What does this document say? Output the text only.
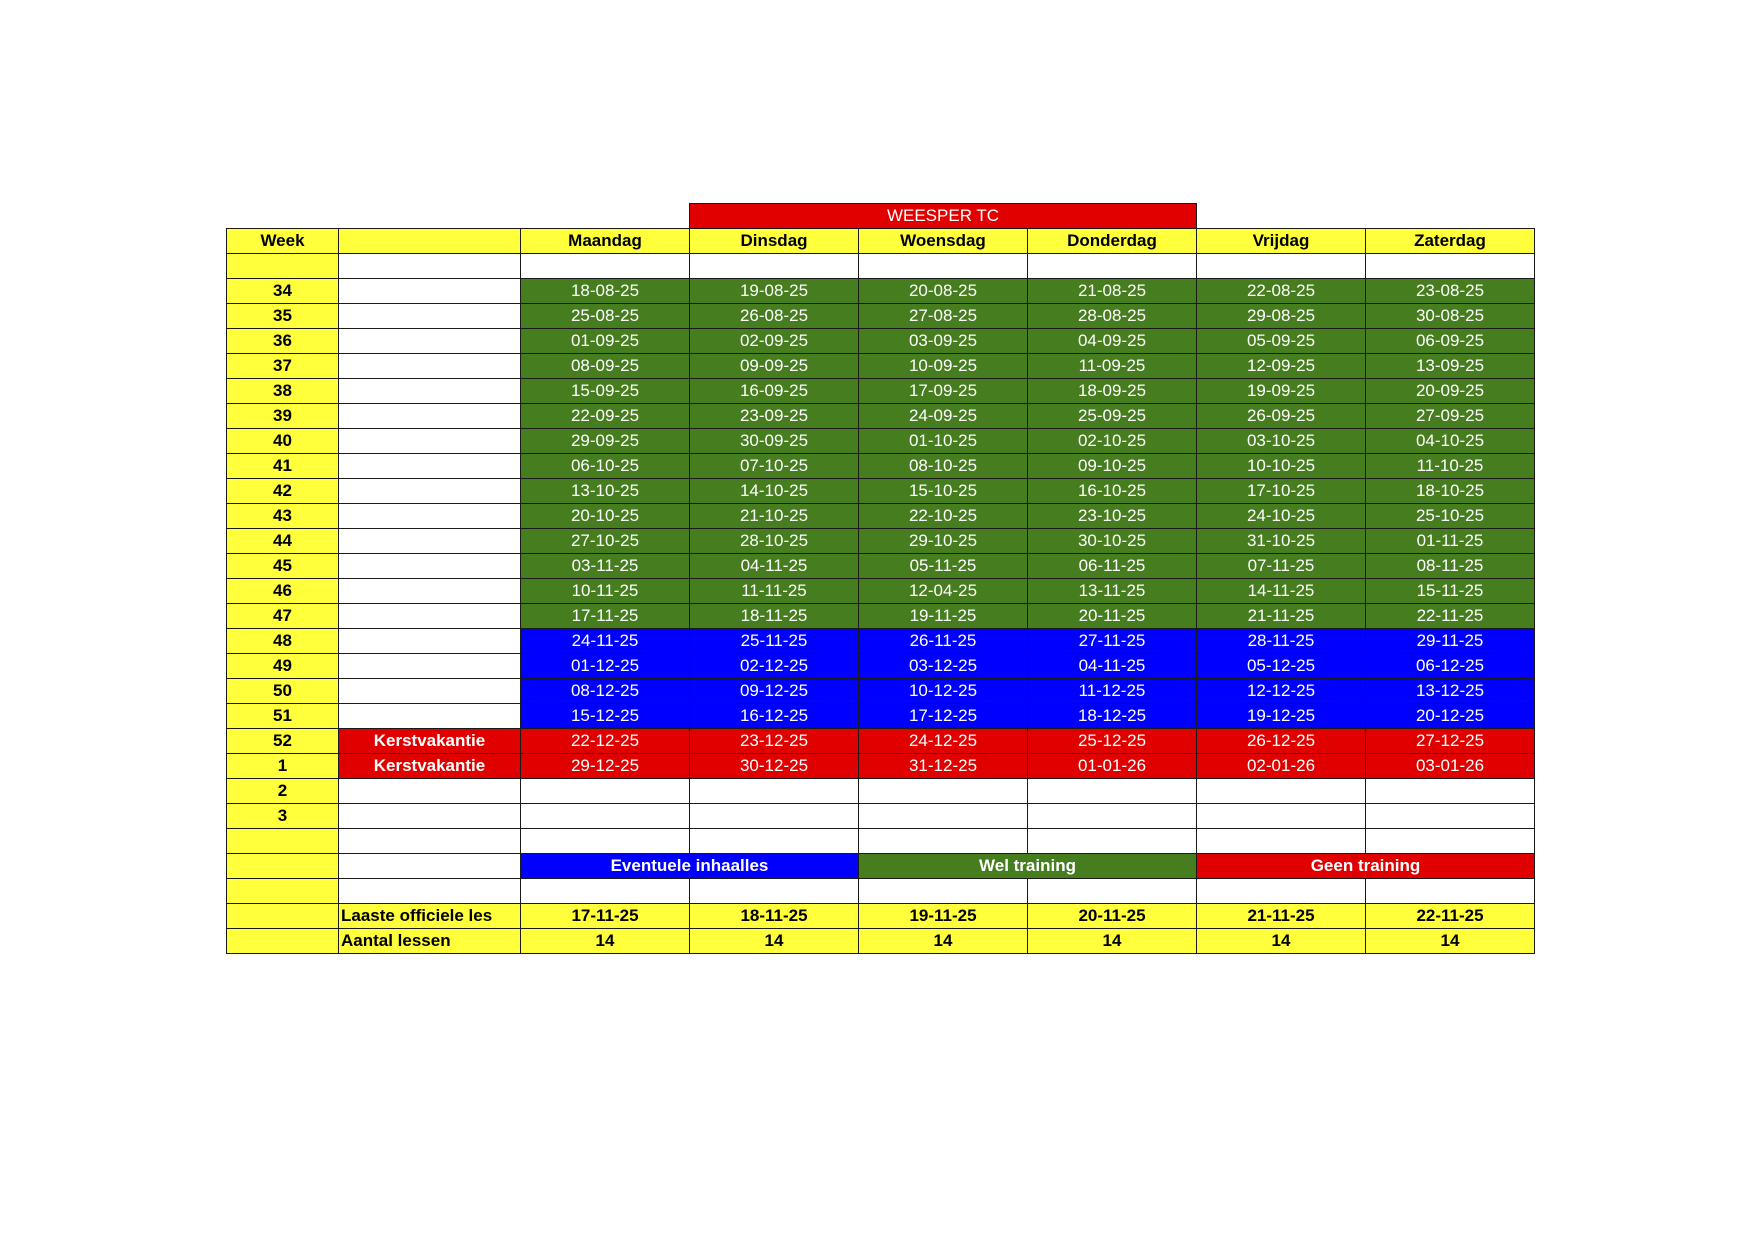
			WEESPER TC				
Week		Maandag	Dinsdag	Woensdag	Donderdag	Vrijdag	Zaterdag

34		18-08-25	19-08-25	20-08-25	21-08-25	22-08-25	23-08-25
35		25-08-25	26-08-25	27-08-25	28-08-25	29-08-25	30-08-25
36		01-09-25	02-09-25	03-09-25	04-09-25	05-09-25	06-09-25
37		08-09-25	09-09-25	10-09-25	11-09-25	12-09-25	13-09-25
38		15-09-25	16-09-25	17-09-25	18-09-25	19-09-25	20-09-25
39		22-09-25	23-09-25	24-09-25	25-09-25	26-09-25	27-09-25
40		29-09-25	30-09-25	01-10-25	02-10-25	03-10-25	04-10-25
41		06-10-25	07-10-25	08-10-25	09-10-25	10-10-25	11-10-25
42		13-10-25	14-10-25	15-10-25	16-10-25	17-10-25	18-10-25
43		20-10-25	21-10-25	22-10-25	23-10-25	24-10-25	25-10-25
44		27-10-25	28-10-25	29-10-25	30-10-25	31-10-25	01-11-25
45		03-11-25	04-11-25	05-11-25	06-11-25	07-11-25	08-11-25
46		10-11-25	11-11-25	12-04-25	13-11-25	14-11-25	15-11-25
47		17-11-25	18-11-25	19-11-25	20-11-25	21-11-25	22-11-25
48		24-11-25	25-11-25	26-11-25	27-11-25	28-11-25	29-11-25
49		01-12-25	02-12-25	03-12-25	04-11-25	05-12-25	06-12-25
50		08-12-25	09-12-25	10-12-25	11-12-25	12-12-25	13-12-25
51		15-12-25	16-12-25	17-12-25	18-12-25	19-12-25	20-12-25
52	Kerstvakantie	22-12-25	23-12-25	24-12-25	25-12-25	26-12-25	27-12-25
1	Kerstvakantie	29-12-25	30-12-25	31-12-25	01-01-26	02-01-26	03-01-26
2							
3							

		Eventuele inhaalles		Wel training		Geen training	

	Laaste officiele les	17-11-25	18-11-25	19-11-25	20-11-25	21-11-25	22-11-25
	Aantal lessen	14	14	14	14	14	14
